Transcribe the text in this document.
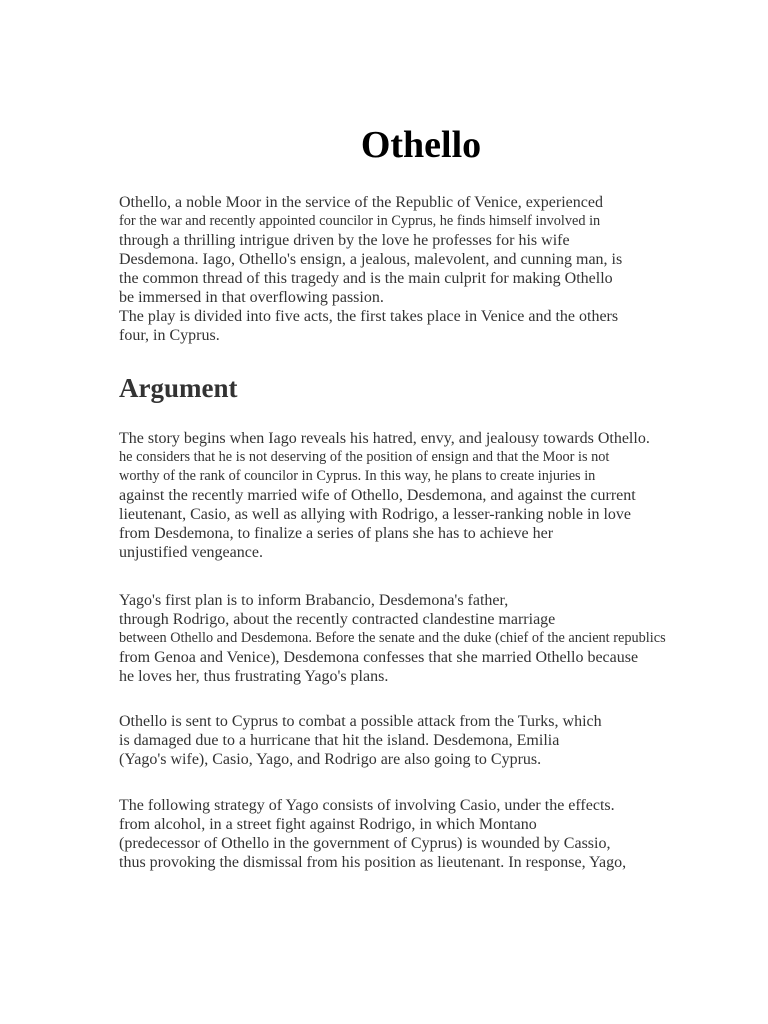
Othello
Othello, a noble Moor in the service of the Republic of Venice, experienced
for the war and recently appointed councilor in Cyprus, he finds himself involved in
through a thrilling intrigue driven by the love he professes for his wife
Desdemona. Iago, Othello's ensign, a jealous, malevolent, and cunning man, is
the common thread of this tragedy and is the main culprit for making Othello
be immersed in that overflowing passion.
The play is divided into five acts, the first takes place in Venice and the others
four, in Cyprus.
Argument
The story begins when Iago reveals his hatred, envy, and jealousy towards Othello.
he considers that he is not deserving of the position of ensign and that the Moor is not
worthy of the rank of councilor in Cyprus. In this way, he plans to create injuries in
against the recently married wife of Othello, Desdemona, and against the current
lieutenant, Casio, as well as allying with Rodrigo, a lesser-ranking noble in love
from Desdemona, to finalize a series of plans she has to achieve her
unjustified vengeance.
Yago's first plan is to inform Brabancio, Desdemona's father,
through Rodrigo, about the recently contracted clandestine marriage
between Othello and Desdemona. Before the senate and the duke (chief of the ancient republics
from Genoa and Venice), Desdemona confesses that she married Othello because
he loves her, thus frustrating Yago's plans.
Othello is sent to Cyprus to combat a possible attack from the Turks, which
is damaged due to a hurricane that hit the island. Desdemona, Emilia
(Yago's wife), Casio, Yago, and Rodrigo are also going to Cyprus.
The following strategy of Yago consists of involving Casio, under the effects.
from alcohol, in a street fight against Rodrigo, in which Montano
(predecessor of Othello in the government of Cyprus) is wounded by Cassio,
thus provoking the dismissal from his position as lieutenant. In response, Yago,
